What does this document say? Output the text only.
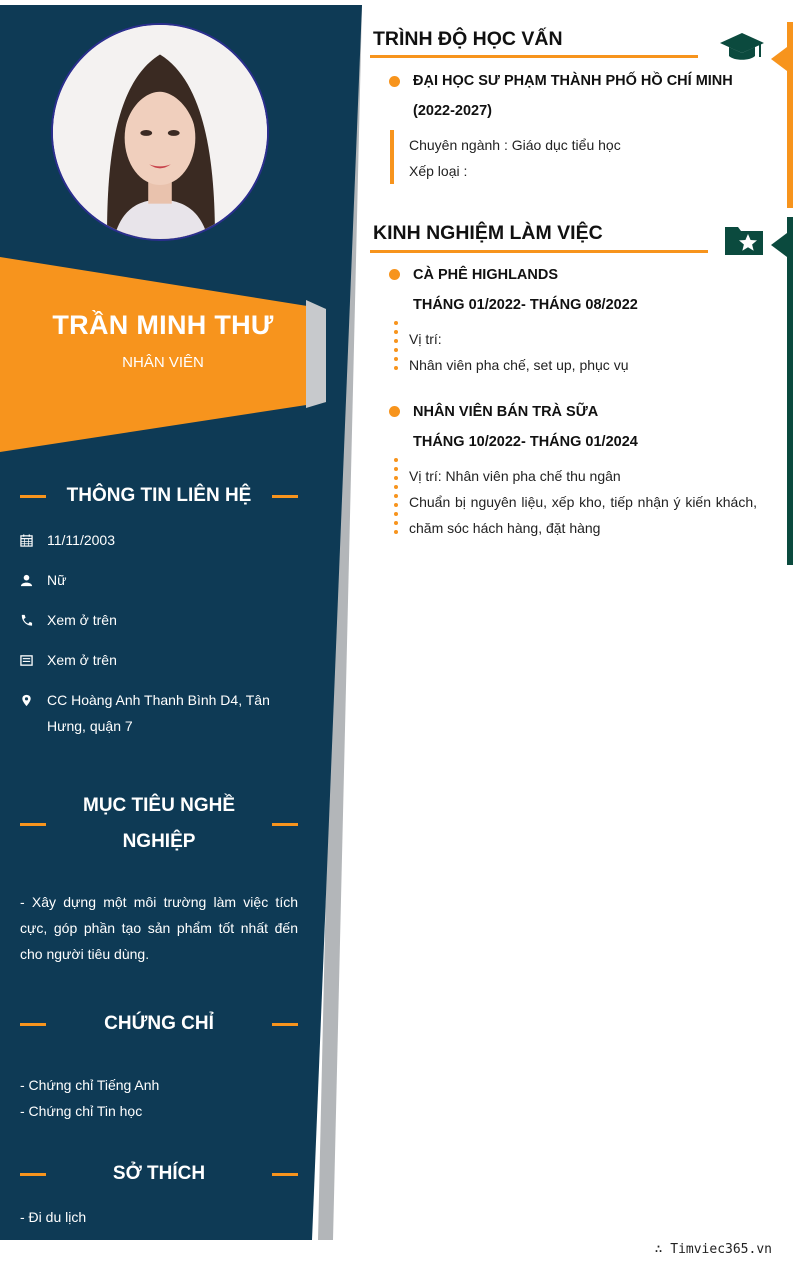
TRẦN MINH THƯ
NHÂN VIÊN
THÔNG TIN LIÊN HỆ
11/11/2003
Nữ
Xem ở trên
Xem ở trên
CC Hoàng Anh Thanh Bình D4, Tân Hưng, quận 7
MỤC TIÊU NGHỀ
NGHIỆP
- Xây dựng một môi trường làm việc tích cực, góp phần tạo sản phẩm tốt nhất đến cho người tiêu dùng.
CHỨNG CHỈ
- Chứng chỉ Tiếng Anh
- Chứng chỉ Tin học
SỞ THÍCH
- Đi du lịch
TRÌNH ĐỘ HỌC VẤN
ĐẠI HỌC SƯ PHẠM THÀNH PHỐ HỒ CHÍ MINH
(2022-2027)
Chuyên ngành : Giáo dục tiểu học
Xếp loại :
KINH NGHIỆM LÀM VIỆC
CÀ PHÊ HIGHLANDS
THÁNG 01/2022- THÁNG 08/2022
Vị trí:
Nhân viên pha chế, set up, phục vụ
NHÂN VIÊN BÁN TRÀ SỮA
THÁNG 10/2022- THÁNG 01/2024
Vị trí: Nhân viên pha chế thu ngân
Chuẩn bị nguyên liệu, xếp kho, tiếp nhận ý kiến khách, chăm sóc hách hàng, đặt hàng
∴ Timviec365.vn
